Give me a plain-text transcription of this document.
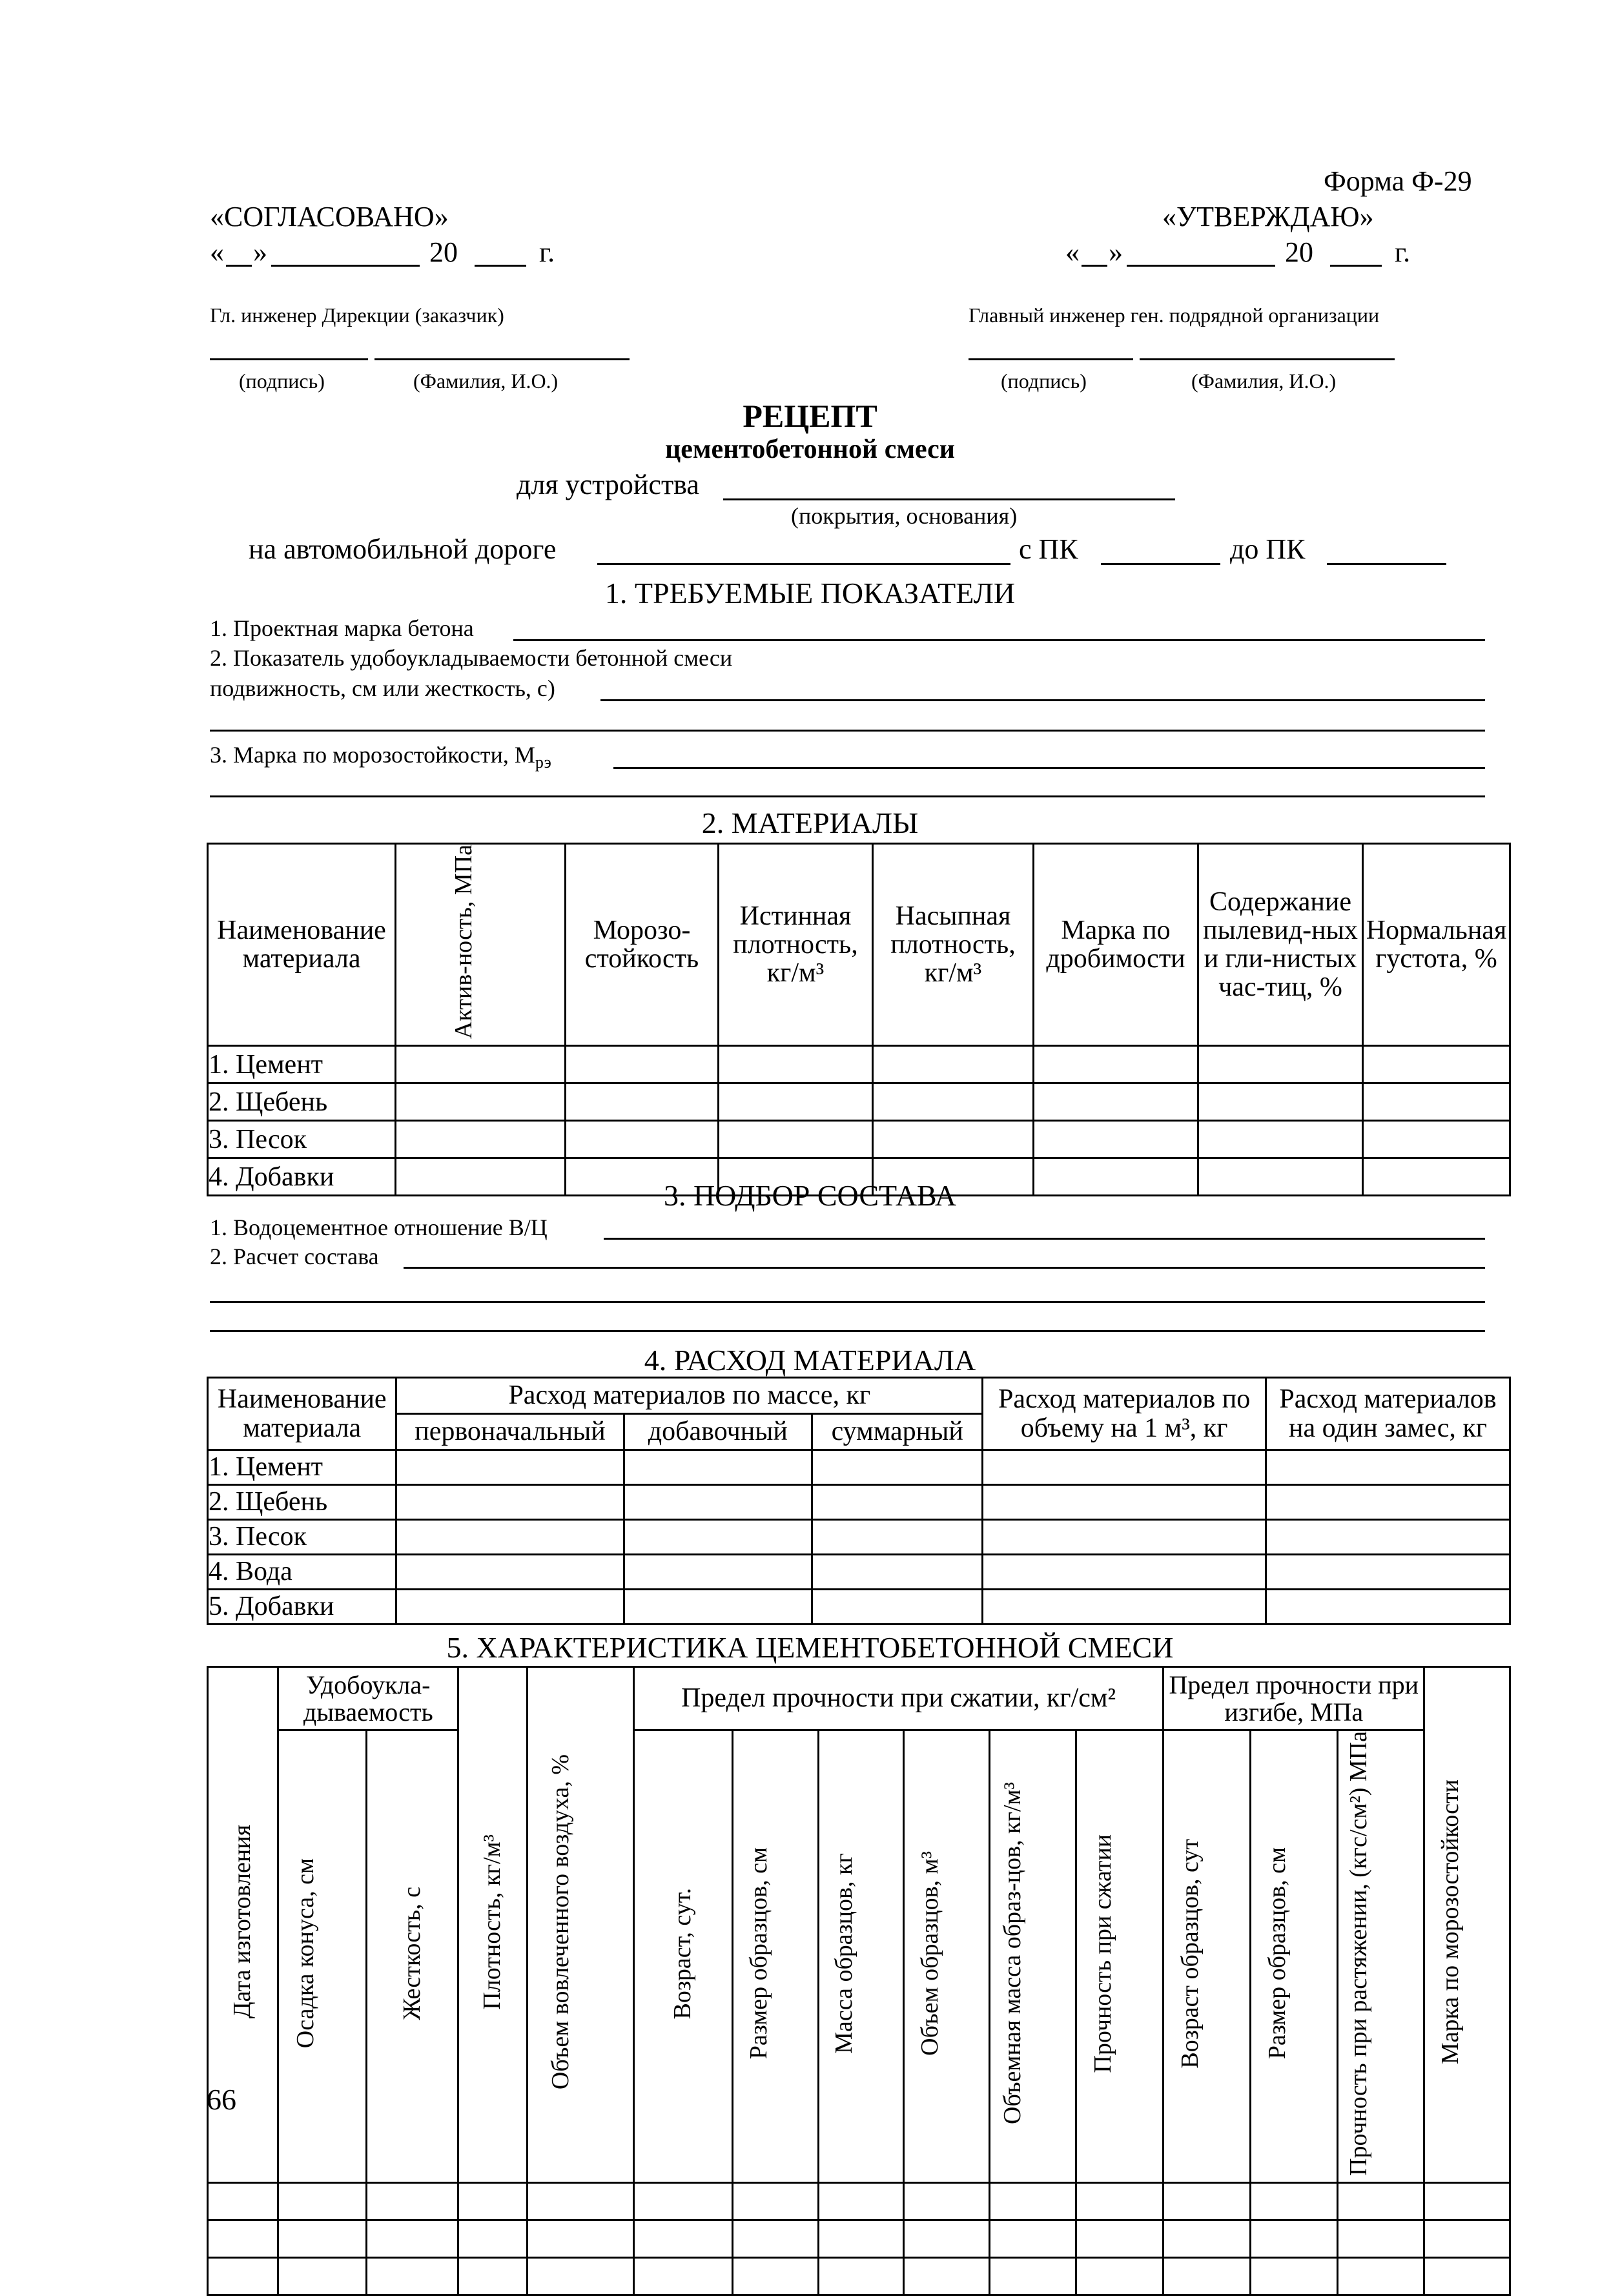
Форма Ф-29
«СОГЛАСОВАНО»	«УТВЕРЖДАЮ»
« »	20	г.	« »	20	г.
Гл. инженер Дирекции (заказчик)	Главный инженер ген. подрядной организации
(подпись)	(Фамилия, И.О.)	(подпись)	(Фамилия, И.О.)
РЕЦЕПТ
цементобетонной смеси
для устройства
(покрытия, основания)
на автомобильной дороге	с ПК	до ПК
1. ТРЕБУЕМЫЕ ПОКАЗАТЕЛИ
1. Проектная марка бетона
2. Показатель удобоукладываемости бетонной смеси
подвижность, см или жесткость, с)
3. Марка по морозостойкости, $М_{рэ}$
2. МАТЕРИАЛЫ
Наименование материала	Актив-ность, МПа	Морозо-стойкость	Истинная плотность, кг/м³	Насыпная плотность, кг/м³	Марка по дробимости	Содержание пылевид-ных и гли-нистых час-тиц, %	Нормальная густота, %
1. Цемент							
2. Щебень							
3. Песок							
4. Добавки							
3. ПОДБОР СОСТАВА
1. Водоцементное отношение В/Ц
2. Расчет состава
4. РАСХОД МАТЕРИАЛА
Наименование материала	Расход материалов по массе, кг			Расход материалов по объему на 1 м³, кг	Расход материалов на один замес, кг
	первоначальный	добавочный	суммарный		
1. Цемент					
2. Щебень					
3. Песок					
4. Вода					
5. Добавки					
5. ХАРАКТЕРИСТИКА ЦЕМЕНТОБЕТОННОЙ СМЕСИ
Дата изготовления	Удобоукла-дываемость		Плотность, кг/м³	Объем вовлеченного воздуха, %	Предел прочности при сжатии, кг/см²						Предел прочности при изгибе, МПа			Марка по морозостойкости
	Осадка конуса, см	Жесткость, с			Возраст, сут.	Размер образцов, см	Масса образцов, кг	Объем образцов, м³	Объемная масса образ-цов, кг/м³	Прочность при сжатии	Возраст образцов, сут	Размер образцов, см	Прочность при растяжении, (кгс/см²) МПа	

66
